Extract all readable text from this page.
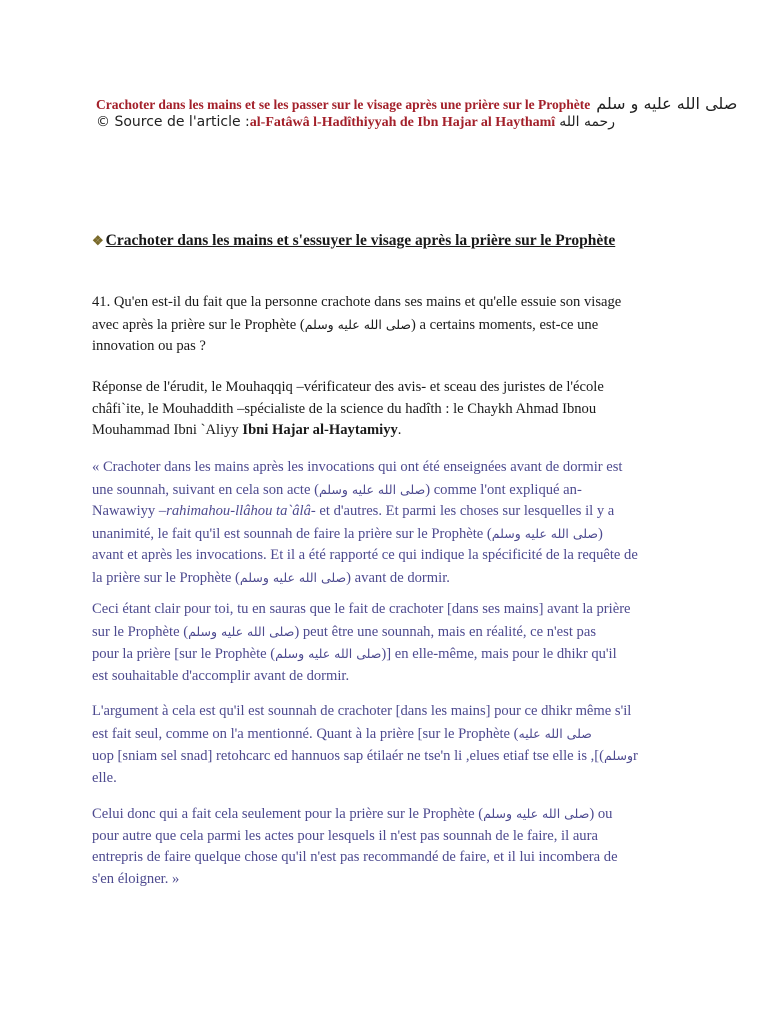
Crachoter dans les mains et se les passer sur le visage après une prière sur le Prophète صلى الله عليه و سلم
© Source de l'article :al-Fatâwâ l-Hadîthiyyah de Ibn Hajar al Haythamî رحمه الله
❖ Crachoter dans les mains et s'essuyer le visage après la prière sur le Prophète
41. Qu'en est-il du fait que la personne crachote dans ses mains et qu'elle essuie son visage
avec après la prière sur le Prophète (صلى الله عليه وسلم) a certains moments, est-ce une
innovation ou pas ?
Réponse de l'érudit, le Mouhaqqiq –vérificateur des avis- et sceau des juristes de l'école
châfi`ite, le Mouhaddith –spécialiste de la science du hadîth : le Chaykh Ahmad Ibnou
Mouhammad Ibni `Aliyy Ibni Hajar al-Haytamiyy.
« Crachoter dans les mains après les invocations qui ont été enseignées avant de dormir est
une sounnah, suivant en cela son acte (صلى الله عليه وسلم) comme l'ont expliqué an-
Nawawiyy –rahimahou-llâhou ta`âlâ- et d'autres. Et parmi les choses sur lesquelles il y a
unanimité, le fait qu'il est sounnah de faire la prière sur le Prophète (صلى الله عليه وسلم)
avant et après les invocations. Et il a été rapporté ce qui indique la spécificité de la requête de
la prière sur le Prophète (صلى الله عليه وسلم) avant de dormir.
Ceci étant clair pour toi, tu en sauras que le fait de crachoter [dans ses mains] avant la prière
sur le Prophète (صلى الله عليه وسلم) peut être une sounnah, mais en réalité, ce n'est pas
pour la prière [sur le Prophète (صلى الله عليه وسلم)] en elle-même, mais pour le dhikr qu'il
est souhaitable d'accomplir avant de dormir.
L'argument à cela est qu'il est sounnah de crachoter [dans les mains] pour ce dhikr même s'il
est fait seul, comme on l'a mentionné. Quant à la prière [sur le Prophète (صلى الله عليه
uop [sniam sel snad] retohcarc ed hannuos sap étilaér ne tse'n li ,elues etiaf tse elle is ,[(وسلمr
elle.
Celui donc qui a fait cela seulement pour la prière sur le Prophète (صلى الله عليه وسلم) ou
pour autre que cela parmi les actes pour lesquels il n'est pas sounnah de le faire, il aura
entrepris de faire quelque chose qu'il n'est pas recommandé de faire, et il lui incombera de
s'en éloigner. »
